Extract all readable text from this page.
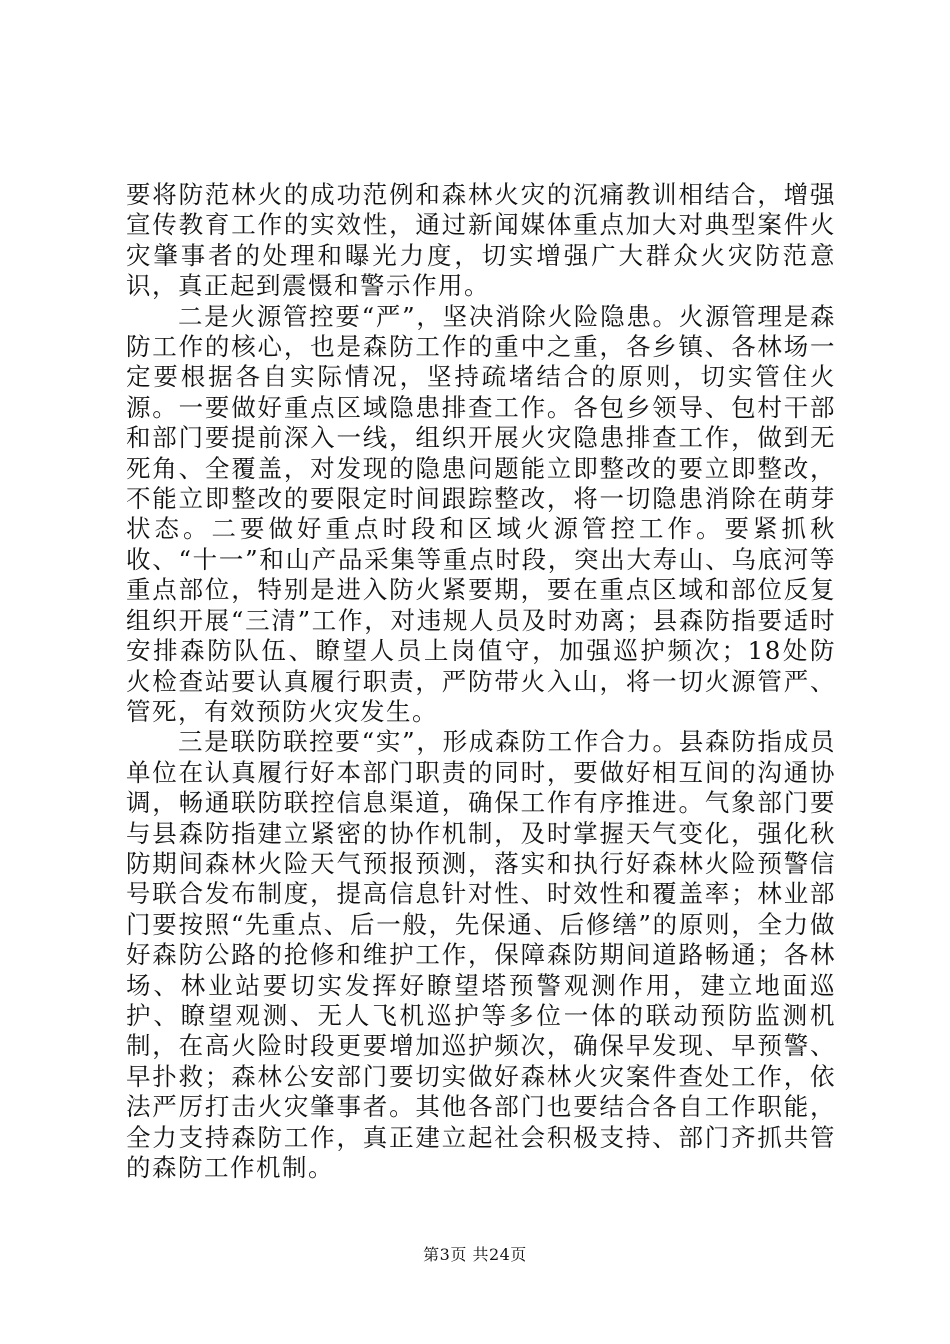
要将防范林火的成功范例和森林火灾的沉痛教训相结合，增强宣传教育工作的实效性，通过新闻媒体重点加大对典型案件火灾肇事者的处理和曝光力度，切实增强广大群众火灾防范意识，真正起到震慑和警示作用。

二是火源管控要“严”，坚决消除火险隐患。火源管理是森防工作的核心，也是森防工作的重中之重，各乡镇、各林场一定要根据各自实际情况，坚持疏堵结合的原则，切实管住火源。一要做好重点区域隐患排查工作。各包乡领导、包村干部和部门要提前深入一线，组织开展火灾隐患排查工作，做到无死角、全覆盖，对发现的隐患问题能立即整改的要立即整改，不能立即整改的要限定时间跟踪整改，将一切隐患消除在萌芽状态。二要做好重点时段和区域火源管控工作。要紧抓秋收、“十一”和山产品采集等重点时段，突出大寿山、乌底河等重点部位，特别是进入防火紧要期，要在重点区域和部位反复组织开展“三清”工作，对违规人员及时劝离；县森防指要适时安排森防队伍、瞭望人员上岗值守，加强巡护频次；18处防火检查站要认真履行职责，严防带火入山，将一切火源管严、管死，有效预防火灾发生。

三是联防联控要“实”，形成森防工作合力。县森防指成员单位在认真履行好本部门职责的同时，要做好相互间的沟通协调，畅通联防联控信息渠道，确保工作有序推进。气象部门要与县森防指建立紧密的协作机制，及时掌握天气变化，强化秋防期间森林火险天气预报预测，落实和执行好森林火险预警信号联合发布制度，提高信息针对性、时效性和覆盖率；林业部门要按照“先重点、后一般，先保通、后修缮”的原则，全力做好森防公路的抢修和维护工作，保障森防期间道路畅通；各林场、林业站要切实发挥好瞭望塔预警观测作用，建立地面巡护、瞭望观测、无人飞机巡护等多位一体的联动预防监测机制，在高火险时段更要增加巡护频次，确保早发现、早预警、早扑救；森林公安部门要切实做好森林火灾案件查处工作，依法严厉打击火灾肇事者。其他各部门也要结合各自工作职能，全力支持森防工作，真正建立起社会积极支持、部门齐抓共管的森防工作机制。

第3页 共24页
